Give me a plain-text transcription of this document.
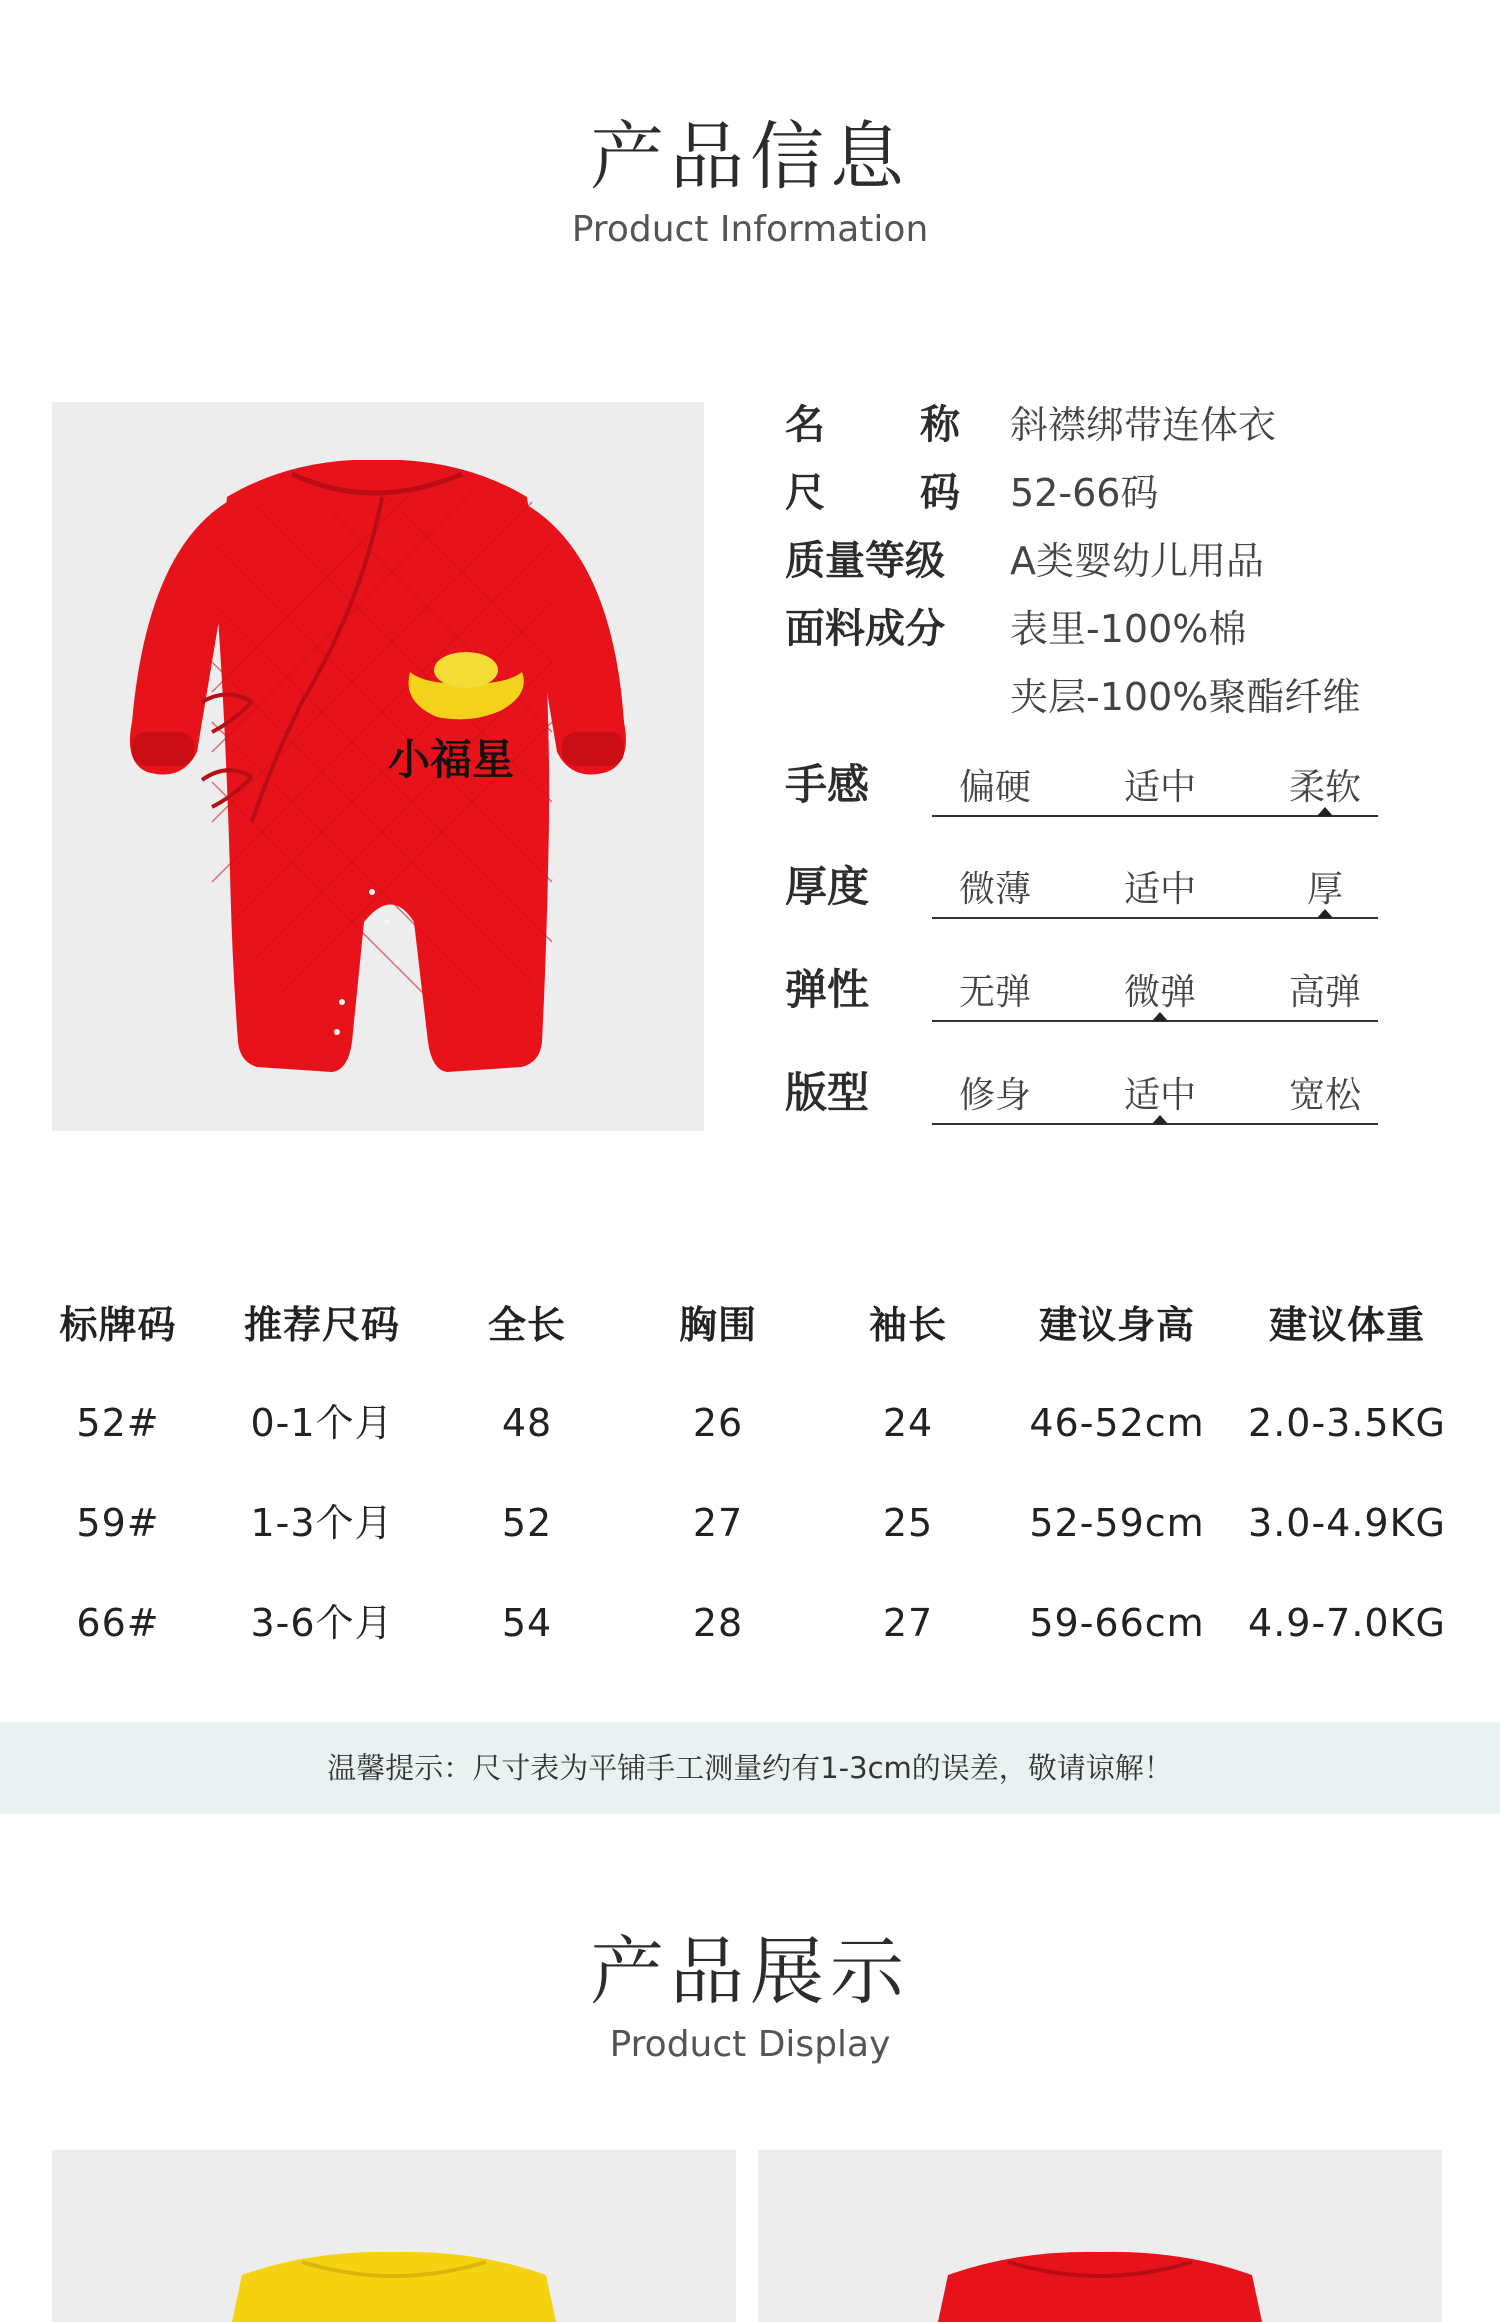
产品信息
Product Information
小福星
名 称 斜襟绑带连体衣
尺 码 52-66码
质量等级	A类婴幼儿用品
面料成分	表里-100%棉
夹层-100%聚酯纤维
手感	偏硬	适中	柔软
厚度	微薄	适中	厚
弹性	无弹	微弹	高弹
版型	修身	适中	宽松
标牌码 推荐尺码 全长	胸围	袖长 建议身高 建议体重
52# 0-1个月	48	26	24	46-52cm 2.0-3.5KG
59# 1-3个月	52	27	25	52-59cm 3.0-4.9KG
66# 3-6个月	54	28	27	59-66cm 4.9-7.0KG
温馨提示：尺寸表为平铺手工测量约有1-3cm的误差，敬请谅解！
产品展示
Product Display
